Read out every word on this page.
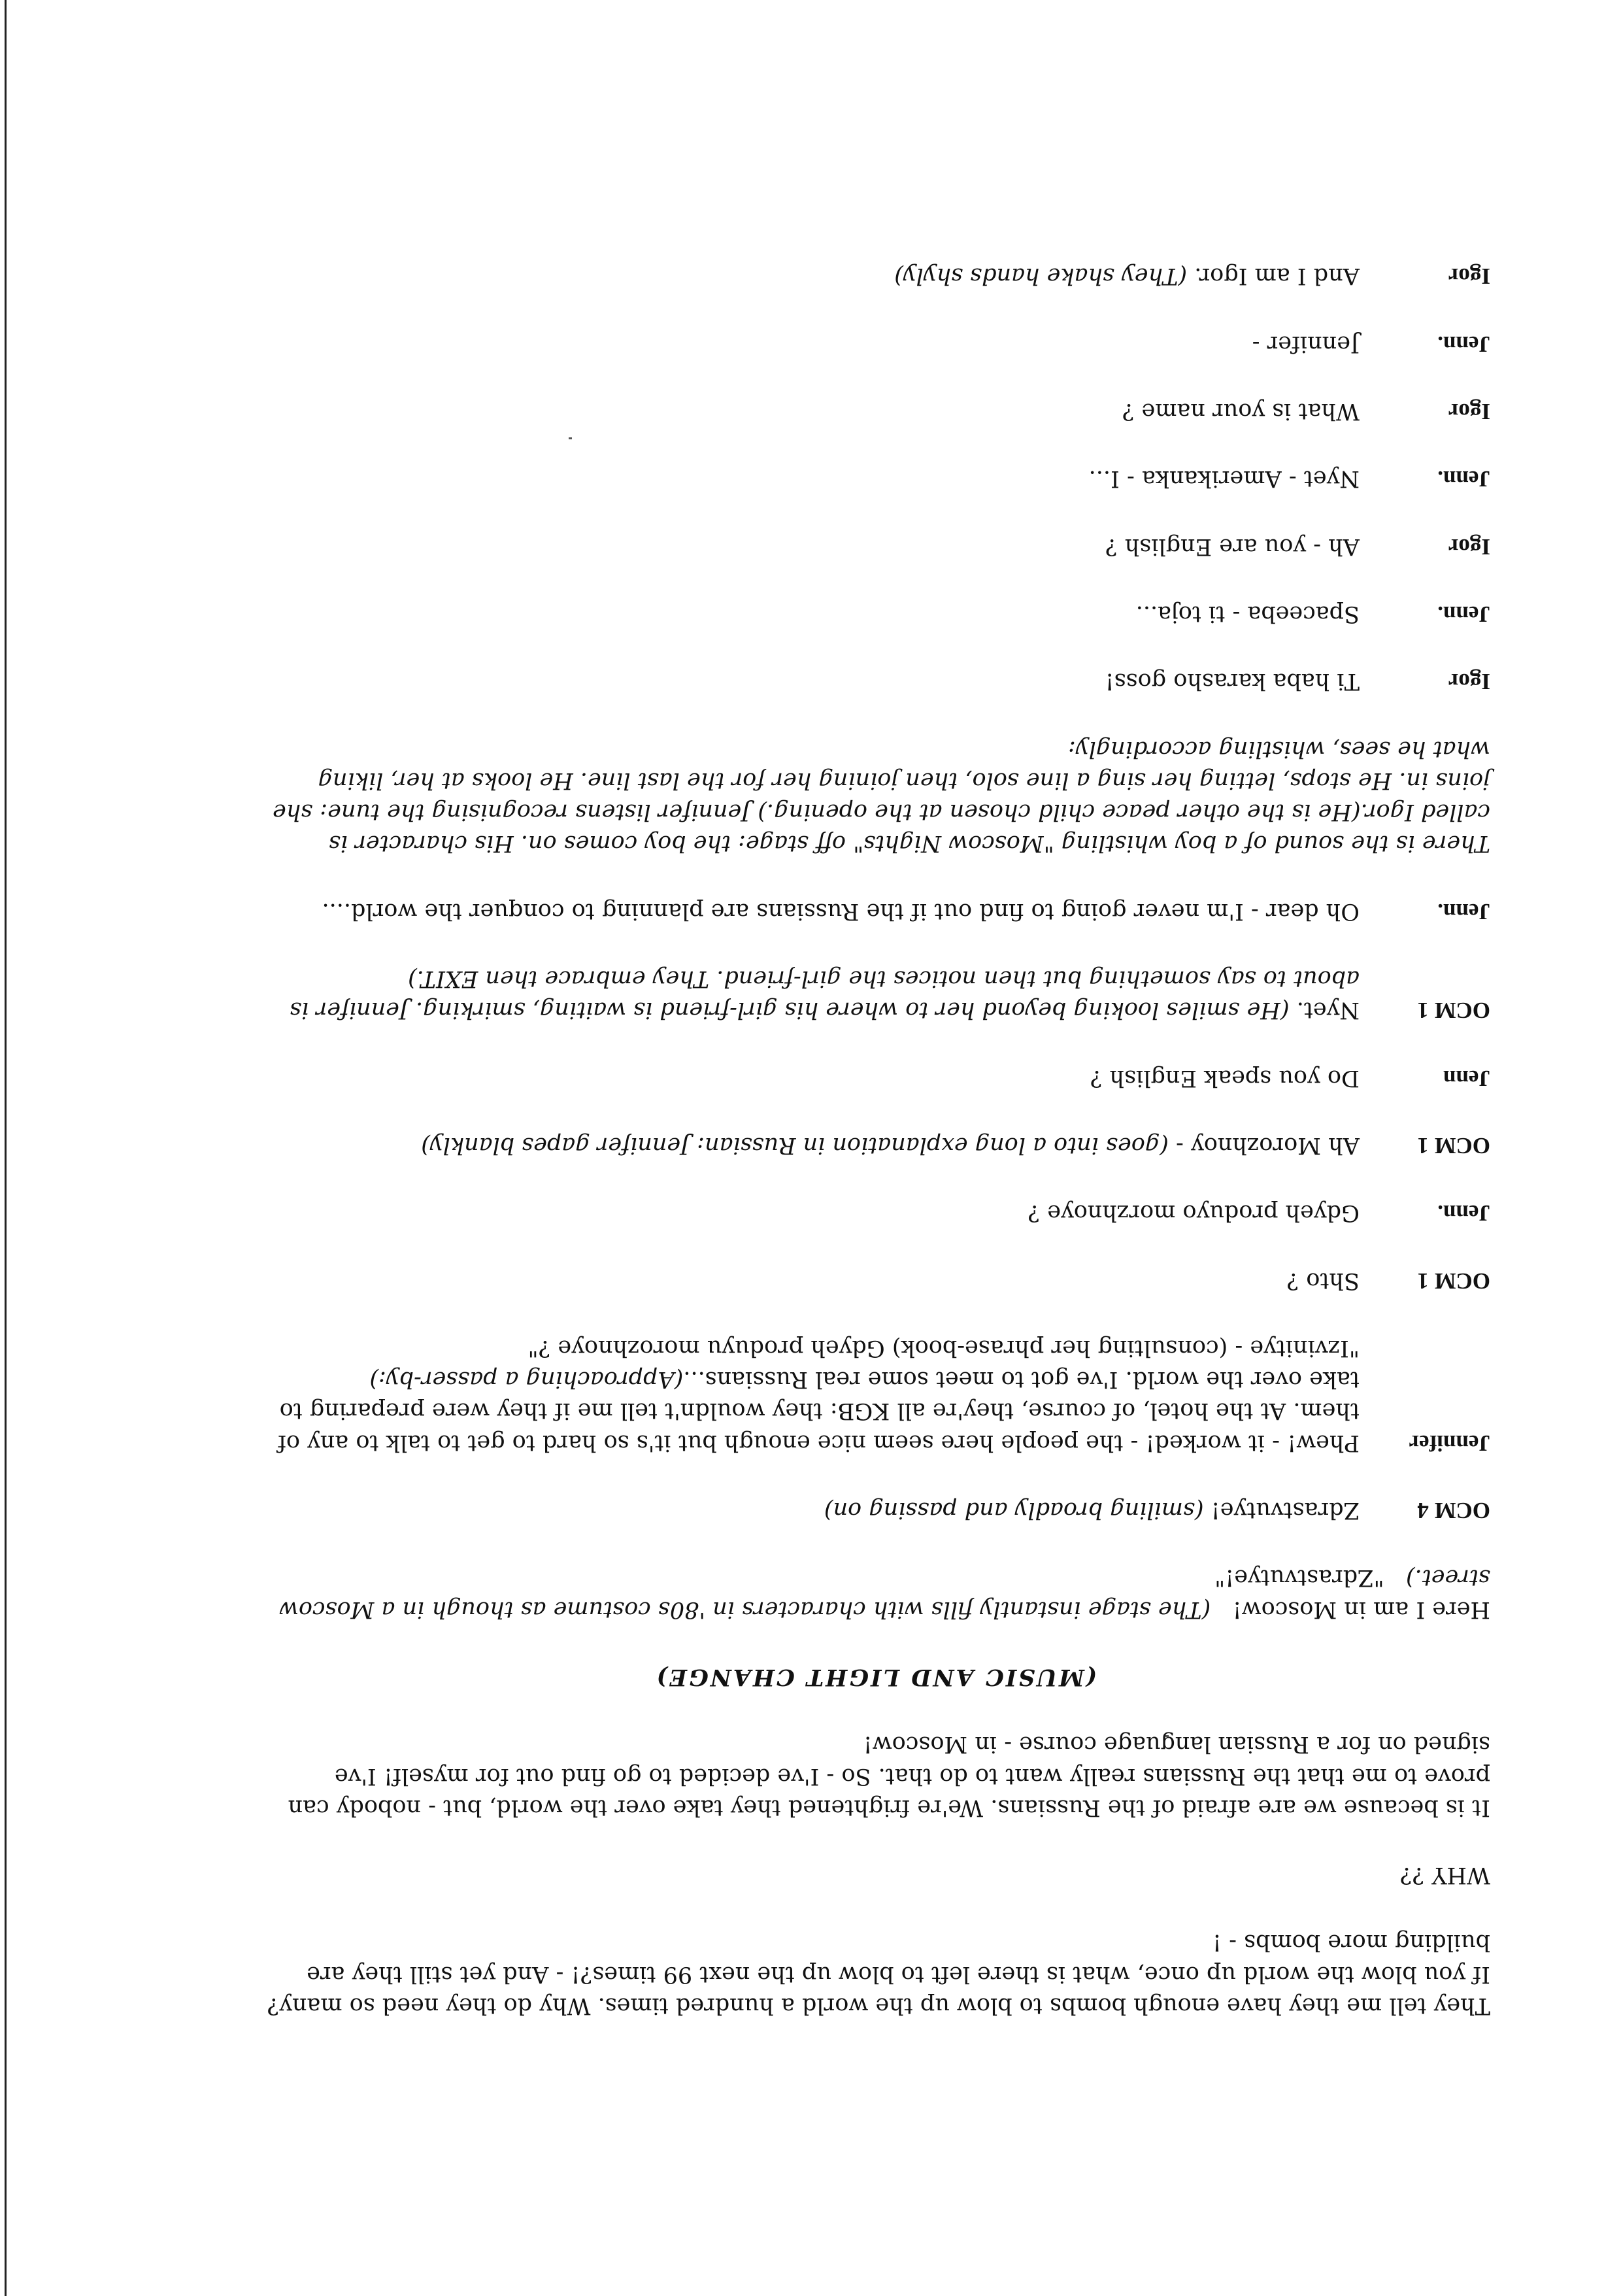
They tell me they have enough bombs to blow up the world a hundred times. Why do they need so many? If you blow the world up once, what is there left to blow up the next 99 times?! - And yet still they are building more bombs - !

WHY ??

It is because we are afraid of the Russians. We're frightened they take over the world, but - nobody can prove to me that the Russians really want to do that. So - I've decided to go find out for myself! I've signed on for a Russian language course - in Moscow!

(MUSIC AND LIGHT CHANGE)

Here I am in Moscow!   (The stage instantly fills with characters in '80s costume as though in a Moscow street.)   "Zdrastvutye!"

OCM 4
Zdrastvutye! (smiling broadly and passing on)
Jennifer
Phew! - it worked! - the people here seem nice enough but it's so hard to get to talk to any of them. At the hotel, of course, they're all KGB: they wouldn't tell me if they were preparing to take over the world. I've got to meet some real Russians...(Approaching a passer-by:) "Izvinitye - (consulting her phrase-book) Gdyeh produyu morozhnoye ?"
OCM 1
Shto ?
Jenn.
Gdyeh produyo morzhnoye ?
OCM 1
Ah Morozhnoy - (goes into a long explanation in Russian: Jennifer gapes blankly)
Jenn
Do you speak English ?
OCM 1
Nyet. (He smiles looking beyond her to where his girl-friend is waiting, smirking. Jennifer is about to say something but then notices the girl-friend. They embrace then EXIT.)
Jenn.
Oh dear - I'm never going to find out if the Russians are planning to conquer the world....

There is the sound of a boy whistling "Moscow Nights" off stage: the boy comes on. His character is called Igor.(He is the other peace child chosen at the opening.) Jennifer listens recognising the tune: she joins in. He stops, letting her sing a line solo, then joining her for the last line. He looks at her, liking what he sees, whistling accordingly:

Igor
Ti haba karasho goss!
Jenn.
Spaceeba - ti toja...
Igor
Ah - you are English ?
Jenn.
Nyet - Amerikanka - I...
Igor
What is your name ?
Jenn.
Jennifer -
Igor
And I am Igor. (They shake hands shyly)
